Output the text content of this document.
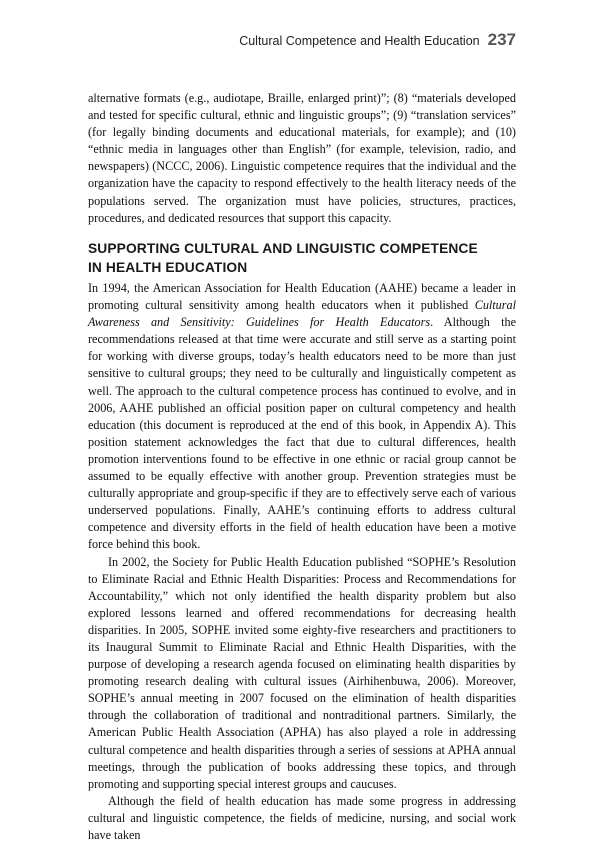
Cultural Competence and Health Education 237

alternative formats (e.g., audiotape, Braille, enlarged print)”; (8) “materials developed and tested for specific cultural, ethnic and linguistic groups”; (9) “translation services” (for legally binding documents and educational materials, for example); and (10) “ethnic media in languages other than English” (for example, television, radio, and newspapers) (NCCC, 2006). Linguistic competence requires that the individual and the organization have the capacity to respond effectively to the health literacy needs of the populations served. The organization must have policies, structures, practices, procedures, and dedicated resources that support this capacity.

SUPPORTING CULTURAL AND LINGUISTIC COMPETENCE
IN HEALTH EDUCATION

In 1994, the American Association for Health Education (AAHE) became a leader in promoting cultural sensitivity among health educators when it published Cultural Awareness and Sensitivity: Guidelines for Health Educators. Although the recommendations released at that time were accurate and still serve as a starting point for working with diverse groups, today’s health educators need to be more than just sensitive to cultural groups; they need to be culturally and linguistically competent as well. The approach to the cultural competence process has continued to evolve, and in 2006, AAHE published an official position paper on cultural competency and health education (this document is reproduced at the end of this book, in Appendix A). This position statement acknowledges the fact that due to cultural differences, health promotion interventions found to be effective in one ethnic or racial group cannot be assumed to be equally effective with another group. Prevention strategies must be culturally appropriate and group-specific if they are to effectively serve each of various underserved populations. Finally, AAHE’s continuing efforts to address cultural competence and diversity efforts in the field of health education have been a motive force behind this book.

In 2002, the Society for Public Health Education published “SOPHE’s Resolution to Eliminate Racial and Ethnic Health Disparities: Process and Recommendations for Accountability,” which not only identified the health disparity problem but also explored lessons learned and offered recommendations for decreasing health disparities. In 2005, SOPHE invited some eighty-five researchers and practitioners to its Inaugural Summit to Eliminate Racial and Ethnic Health Disparities, with the purpose of developing a research agenda focused on eliminating health disparities by promoting research dealing with cultural issues (Airhihenbuwa, 2006). Moreover, SOPHE’s annual meeting in 2007 focused on the elimination of health disparities through the collaboration of traditional and nontraditional partners. Similarly, the American Public Health Association (APHA) has also played a role in addressing cultural competence and health disparities through a series of sessions at APHA annual meetings, through the publication of books addressing these topics, and through promoting and supporting special interest groups and caucuses.

Although the field of health education has made some progress in addressing cultural and linguistic competence, the fields of medicine, nursing, and social work have taken
